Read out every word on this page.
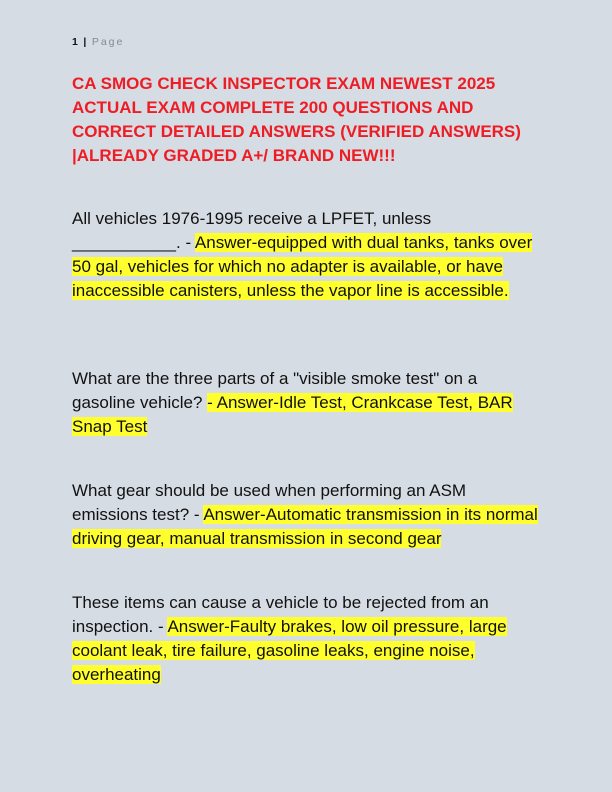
1 | Page
CA SMOG CHECK INSPECTOR EXAM NEWEST 2025 ACTUAL EXAM COMPLETE 200 QUESTIONS AND CORRECT DETAILED ANSWERS (VERIFIED ANSWERS) |ALREADY GRADED A+/ BRAND NEW!!!

All vehicles 1976-1995 receive a LPFET, unless ___________. - Answer-equipped with dual tanks, tanks over 50 gal, vehicles for which no adapter is available, or have inaccessible canisters, unless the vapor line is accessible.

What are the three parts of a "visible smoke test" on a gasoline vehicle? - Answer-Idle Test, Crankcase Test, BAR Snap Test

What gear should be used when performing an ASM emissions test? - Answer-Automatic transmission in its normal driving gear, manual transmission in second gear

These items can cause a vehicle to be rejected from an inspection. - Answer-Faulty brakes, low oil pressure, large coolant leak, tire failure, gasoline leaks, engine noise, overheating
